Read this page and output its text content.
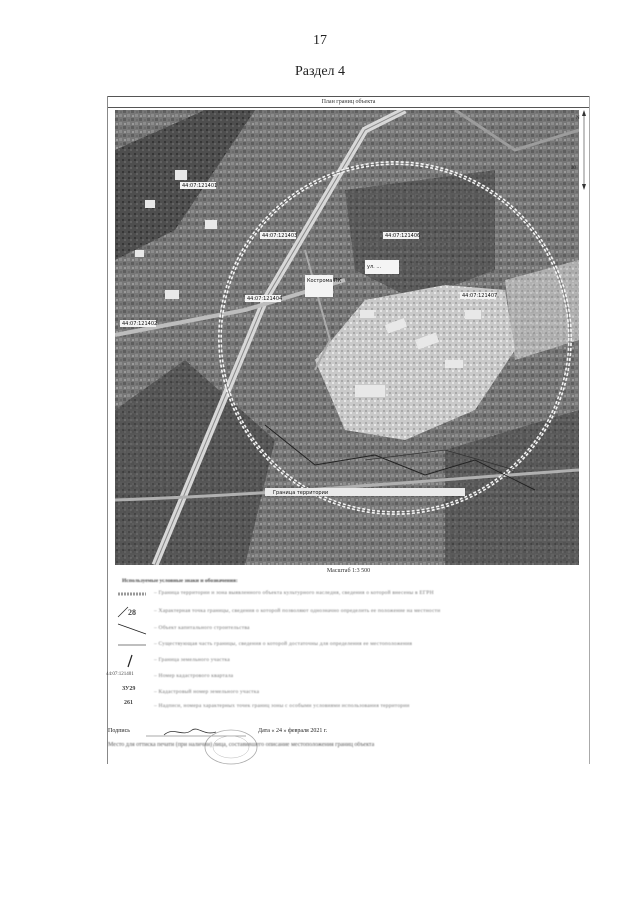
17
Раздел 4
План границ объекта
44:07:121401
44:07:121403	44:07:121406
44:07:121404
44:07:121402
44:07:121407
Кострома ПК
ул. ...
Граница территории
N
30
Масштаб 1:3 500
Используемые условные знаки и обозначения:
– Граница территории и зона выявленного объекта культурного наследия, сведения о которой внесены в ЕГРН
28	– Характерная точка границы, сведения о которой позволяют однозначно определить ее положение на местности
– Объект капитального строительства
– Существующая часть границы, сведения о которой достаточны для определения ее местоположения
– Граница земельного участка
44:07:121401	– Номер кадастрового квартала
ЗУ29	– Кадастровый номер земельного участка
261	– Надписи, номера характерных точек границ зоны с особыми условиями использования территории
Подпись	Дата « 24 » февраля 2021 г.
Место для оттиска печати (при наличии) лица, составившего описание местоположения границ объекта
